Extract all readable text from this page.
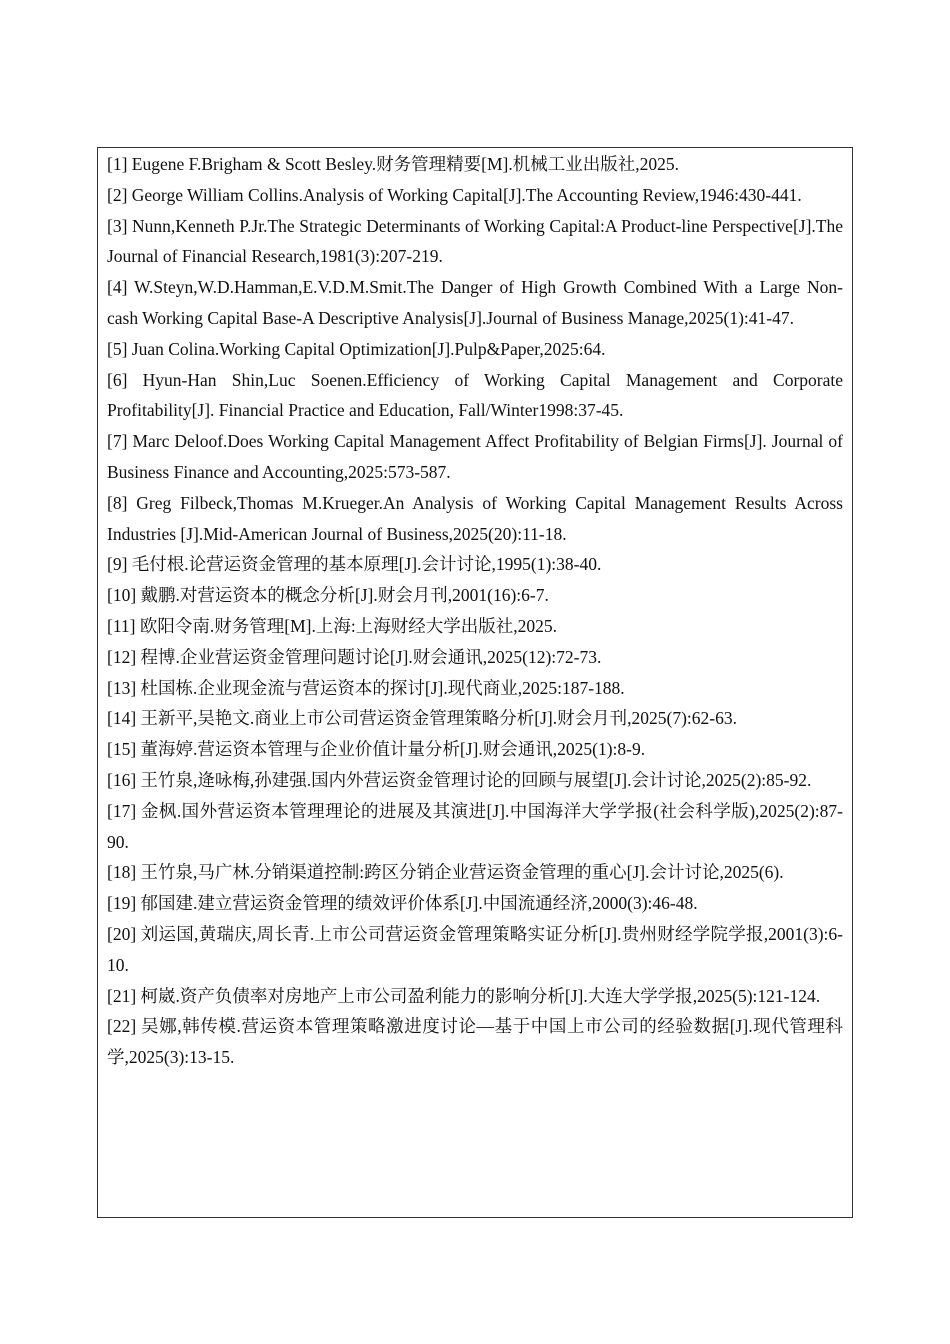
[1] Eugene F.Brigham & Scott Besley.财务管理精要[M].机械工业出版社,2025.
[2] George William Collins.Analysis of Working Capital[J].The Accounting Review,1946:430-441.
[3] Nunn,Kenneth P.Jr.The Strategic Determinants of Working Capital:A Product-line Perspective[J].The Journal of Financial Research,1981(3):207-219.
[4] W.Steyn,W.D.Hamman,E.V.D.M.Smit.The Danger of High Growth Combined With a Large Non-cash Working Capital Base-A Descriptive Analysis[J].Journal of Business Manage,2025(1):41-47.
[5] Juan Colina.Working Capital Optimization[J].Pulp&Paper,2025:64.
[6] Hyun-Han Shin,Luc Soenen.Efficiency of Working Capital Management and Corporate Profitability[J]. Financial Practice and Education, Fall/Winter1998:37-45.
[7] Marc Deloof.Does Working Capital Management Affect Profitability of Belgian Firms[J]. Journal of Business Finance and Accounting,2025:573-587.
[8] Greg Filbeck,Thomas M.Krueger.An Analysis of Working Capital Management Results Across Industries [J].Mid-American Journal of Business,2025(20):11-18.
[9] 毛付根.论营运资金管理的基本原理[J].会计讨论,1995(1):38-40.
[10] 戴鹏.对营运资本的概念分析[J].财会月刊,2001(16):6-7.
[11] 欧阳令南.财务管理[M].上海:上海财经大学出版社,2025.
[12] 程博.企业营运资金管理问题讨论[J].财会通讯,2025(12):72-73.
[13] 杜国栋.企业现金流与营运资本的探讨[J].现代商业,2025:187-188.
[14] 王新平,吴艳文.商业上市公司营运资金管理策略分析[J].财会月刊,2025(7):62-63.
[15] 董海婷.营运资本管理与企业价值计量分析[J].财会通讯,2025(1):8-9.
[16] 王竹泉,逄咏梅,孙建强.国内外营运资金管理讨论的回顾与展望[J].会计讨论,2025(2):85-92.
[17] 金枫.国外营运资本管理理论的进展及其演进[J].中国海洋大学学报(社会科学版),2025(2):87-90.
[18] 王竹泉,马广林.分销渠道控制:跨区分销企业营运资金管理的重心[J].会计讨论,2025(6).
[19] 郁国建.建立营运资金管理的绩效评价体系[J].中国流通经济,2000(3):46-48.
[20] 刘运国,黄瑞庆,周长青.上市公司营运资金管理策略实证分析[J].贵州财经学院学报,2001(3):6-10.
[21] 柯崴.资产负债率对房地产上市公司盈利能力的影响分析[J].大连大学学报,2025(5):121-124.
[22] 吴娜,韩传模.营运资本管理策略激进度讨论—基于中国上市公司的经验数据[J].现代管理科学,2025(3):13-15.
